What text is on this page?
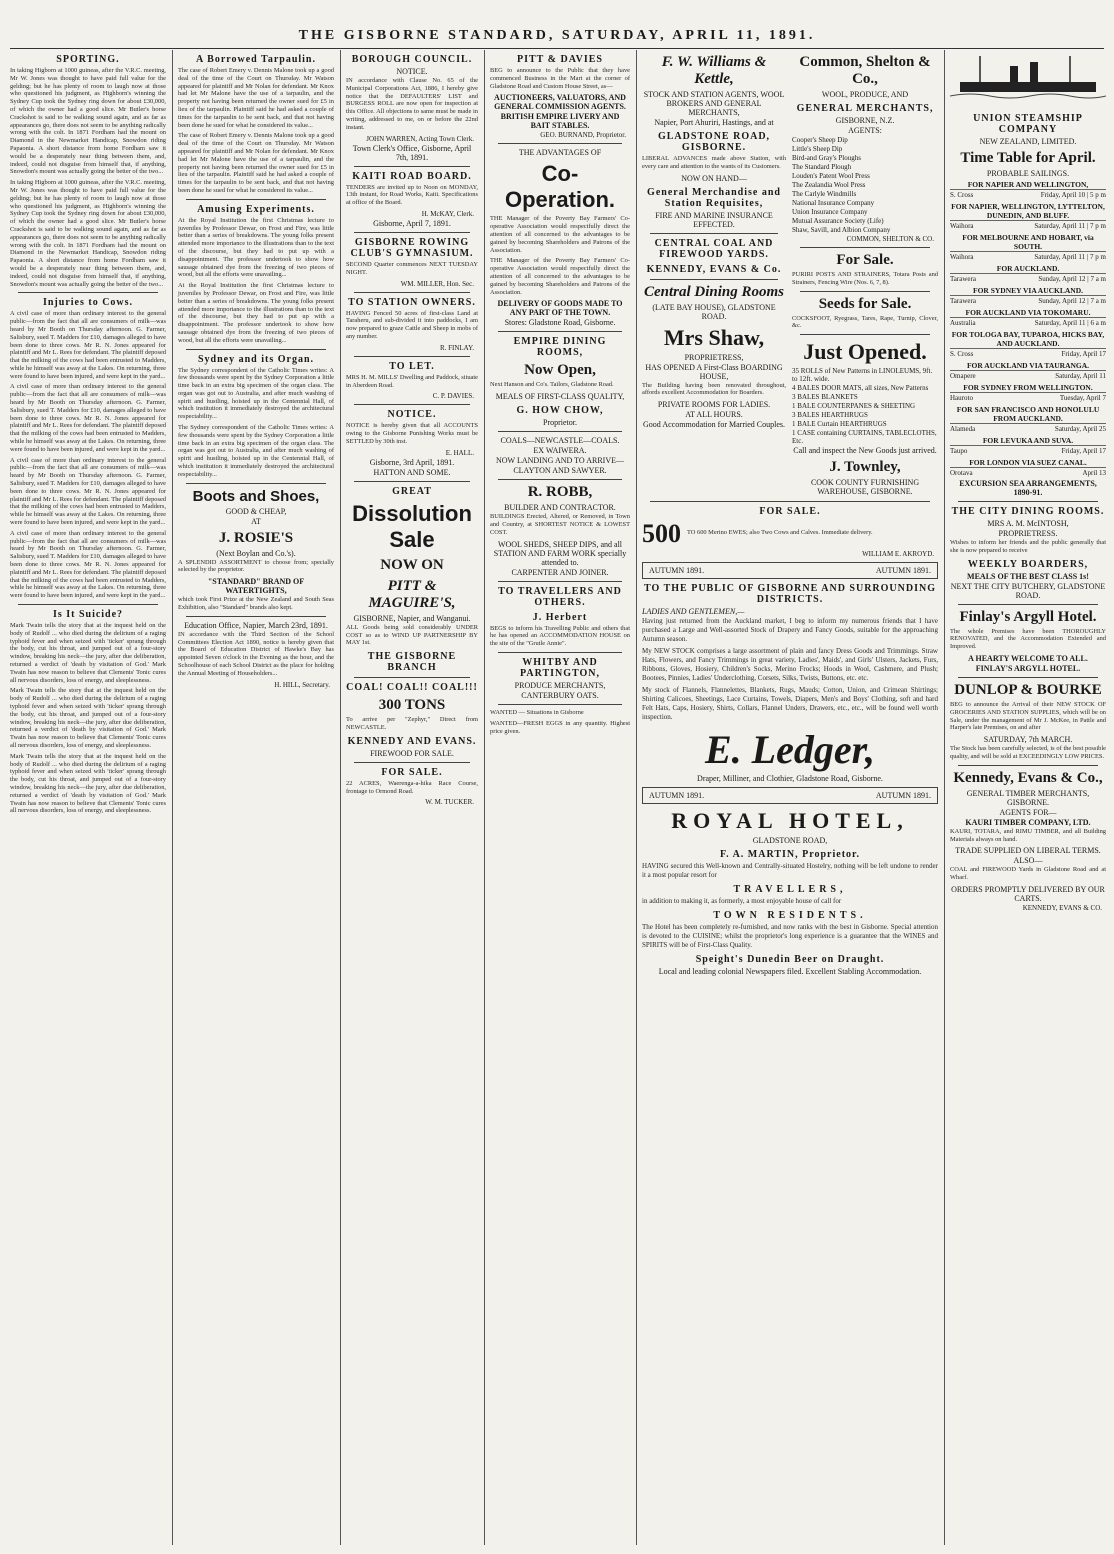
THE GISBORNE STANDARD, SATURDAY, APRIL 11, 1891.
SPORTING.

In taking Higborn at 1000 guineas, after the V.R.C. meeting, Mr W. Jones was thought to have paid full value for the gelding; but he has plenty of room to laugh now at those who questioned his judgment, as Highborn's winning the Sydney Cup took the Sydney ring down for about £30,000, of which the owner had a good slice. Mr Butler's horse Crackshot is said to be walking sound again, and as far as appearances go, there does not seem to be anything radically wrong with the colt. In 1871 Fordham had the mount on Diamond in the Newmarket Handicap, Snowdon riding Papaonia. A short distance from home Fordham saw it would be a desperately near thing between them, and, indeed, could not disguise from himself that, if anything, Snowdon's mount was actually going the better of the two...

In taking Higborn at 1000 guineas, after the V.R.C. meeting, Mr W. Jones was thought to have paid full value for the gelding; but he has plenty of room to laugh now at those who questioned his judgment, as Highborn's winning the Sydney Cup took the Sydney ring down for about £30,000, of which the owner had a good slice. Mr Butler's horse Crackshot is said to be walking sound again, and as far as appearances go, there does not seem to be anything radically wrong with the colt. In 1871 Fordham had the mount on Diamond in the Newmarket Handicap, Snowdon riding Papaonia. A short distance from home Fordham saw it would be a desperately near thing between them, and, indeed, could not disguise from himself that, if anything, Snowdon's mount was actually going the better of the two...

Injuries to Cows.

A civil case of more than ordinary interest to the general public—from the fact that all are consumers of milk—was heard by Mr Booth on Thursday afternoon. G. Farmer, Salisbury, sued T. Madders for £10, damages alleged to have been done to three cows. Mr R. N. Jones appeared for plaintiff and Mr L. Rees for defendant. The plaintiff deposed that the milking of the cows had been entrusted to Madders, while he himself was away at the Lakes. On returning, three were found to have been injured, and were kept in the yard...

A civil case of more than ordinary interest to the general public—from the fact that all are consumers of milk—was heard by Mr Booth on Thursday afternoon. G. Farmer, Salisbury, sued T. Madders for £10, damages alleged to have been done to three cows. Mr R. N. Jones appeared for plaintiff and Mr L. Rees for defendant. The plaintiff deposed that the milking of the cows had been entrusted to Madders, while he himself was away at the Lakes. On returning, three were found to have been injured, and were kept in the yard...

A civil case of more than ordinary interest to the general public—from the fact that all are consumers of milk—was heard by Mr Booth on Thursday afternoon. G. Farmer, Salisbury, sued T. Madders for £10, damages alleged to have been done to three cows. Mr R. N. Jones appeared for plaintiff and Mr L. Rees for defendant. The plaintiff deposed that the milking of the cows had been entrusted to Madders, while he himself was away at the Lakes. On returning, three were found to have been injured, and were kept in the yard...

A civil case of more than ordinary interest to the general public—from the fact that all are consumers of milk—was heard by Mr Booth on Thursday afternoon. G. Farmer, Salisbury, sued T. Madders for £10, damages alleged to have been done to three cows. Mr R. N. Jones appeared for plaintiff and Mr L. Rees for defendant. The plaintiff deposed that the milking of the cows had been entrusted to Madders, while he himself was away at the Lakes. On returning, three were found to have been injured, and were kept in the yard...

Is It Suicide?

Mark Twain tells the story that at the inquest held on the body of Rudolf ... who died during the delirium of a raging typhoid fever and when seized with 'ticker' sprang through the body, cut his throat, and jumped out of a four-story window, breaking his neck—the jury, after due deliberation, returned a verdict of 'death by visitation of God.' Mark Twain has now reason to believe that Clements' Tonic cures all nervous disorders, loss of energy, and sleeplessness.

Mark Twain tells the story that at the inquest held on the body of Rudolf ... who died during the delirium of a raging typhoid fever and when seized with 'ticker' sprang through the body, cut his throat, and jumped out of a four-story window, breaking his neck—the jury, after due deliberation, returned a verdict of 'death by visitation of God.' Mark Twain has now reason to believe that Clements' Tonic cures all nervous disorders, loss of energy, and sleeplessness.

Mark Twain tells the story that at the inquest held on the body of Rudolf ... who died during the delirium of a raging typhoid fever and when seized with 'ticker' sprang through the body, cut his throat, and jumped out of a four-story window, breaking his neck—the jury, after due deliberation, returned a verdict of 'death by visitation of God.' Mark Twain has now reason to believe that Clements' Tonic cures all nervous disorders, loss of energy, and sleeplessness.

A Borrowed Tarpaulin.

The case of Robert Emery v. Dennis Malone took up a good deal of the time of the Court on Thursday. Mr Watson appeared for plaintiff and Mr Nolan for defendant. Mr Knox had let Mr Malone have the use of a tarpaulin, and the property not having been returned the owner sued for £5 in lieu of the tarpaulin. Plaintiff said he had asked a couple of times for the tarpaulin to be sent back, and that not having been done he sued for what he considered its value...

The case of Robert Emery v. Dennis Malone took up a good deal of the time of the Court on Thursday. Mr Watson appeared for plaintiff and Mr Nolan for defendant. Mr Knox had let Mr Malone have the use of a tarpaulin, and the property not having been returned the owner sued for £5 in lieu of the tarpaulin. Plaintiff said he had asked a couple of times for the tarpaulin to be sent back, and that not having been done he sued for what he considered its value...

Amusing Experiments.

At the Royal Institution the first Christmas lecture to juveniles by Professor Dewar, on Frost and Fire, was little better than a series of breakdowns. The young folks present attended more importance to the illustrations than to the text of the discourse, but they had to put up with a disappointment. The professor undertook to show how sausage obtained dye from the freezing of two pieces of wood, but all the efforts were unavailing...

At the Royal Institution the first Christmas lecture to juveniles by Professor Dewar, on Frost and Fire, was little better than a series of breakdowns. The young folks present attended more importance to the illustrations than to the text of the discourse, but they had to put up with a disappointment. The professor undertook to show how sausage obtained dye from the freezing of two pieces of wood, but all the efforts were unavailing...

Sydney and its Organ.

The Sydney correspondent of the Catholic Times writes: A few thousands were spent by the Sydney Corporation a little time back in an extra big specimen of the organ class. The organ was got out to Australia, and after much washing of spirit and hustling, hoisted up in the Centennial Hall, of which institution it immediately destroyed the architectural respectability...

The Sydney correspondent of the Catholic Times writes: A few thousands were spent by the Sydney Corporation a little time back in an extra big specimen of the organ class. The organ was got out to Australia, and after much washing of spirit and hustling, hoisted up in the Centennial Hall, of which institution it immediately destroyed the architectural respectability...

Boots and Shoes,
GOOD & CHEAP,
AT
J. ROSIE'S
(Next Boylan and Co.'s).

A SPLENDID ASSORTMENT to choose from; specially selected by the proprietor.

"STANDARD" BRAND OF WATERTIGHTS,

which took First Prize at the New Zealand and South Seas Exhibition, also "Standard" brands also kept.

Education Office, Napier, March 23rd, 1891.

IN accordance with the Third Section of the School Committees Election Act 1890, notice is hereby given that the Board of Education District of Hawke's Bay has appointed Seven o'clock in the Evening as the hour, and the Schoolhouse of each School District as the place for holding the Annual Meeting of Householders...

H. HILL, Secretary.
BOROUGH COUNCIL.
NOTICE.

IN accordance with Clause No. 65 of the Municipal Corporations Act, 1886, I hereby give notice that the DEFAULTERS' LIST and BURGESS ROLL are now open for inspection at this Office. All objections to same must be made in writing, addressed to me, on or before the 22nd instant.

JOHN WARREN, Acting Town Clerk.
Town Clerk's Office, Gisborne, April 7th, 1891.
KAITI ROAD BOARD.

TENDERS are invited up to Noon on MONDAY, 13th instant, for Road Works, Kaiti. Specifications at office of the Board.

H. McKAY, Clerk.
Gisborne, April 7, 1891.
GISBORNE ROWING CLUB'S GYMNASIUM.

SECOND Quarter commences NEXT TUESDAY NIGHT.

WM. MILLER, Hon. Sec.
TO STATION OWNERS.

HAVING Fenced 50 acres of first-class Land at Taraheru, and sub-divided it into paddocks, I am now prepared to graze Cattle and Sheep in mobs of any number.

R. FINLAY.
TO LET.

MRS H. M. MILLS' Dwelling and Paddock, situate in Aberdeen Road.

C. P. DAVIES.
NOTICE.

NOTICE is hereby given that all ACCOUNTS owing to the Gisborne Punishing Works must be SETTLED by 30th inst.

E. HALL.
Gisborne, 3rd April, 1891.
HATTON AND SOME.
GREAT
Dissolution Sale
NOW ON
PITT & MAGUIRE'S,
GISBORNE, Napier, and Wanganui.

ALL Goods being sold considerably UNDER COST so as to WIND UP PARTNERSHIP BY MAY 1st.

THE GISBORNE BRANCH
COAL! COAL!! COAL!!!
300 TONS

To arrive per "Zephyr," Direct from NEWCASTLE.

KENNEDY AND EVANS.
FIREWOOD FOR SALE.
FOR SALE.

22 ACRES, Waerenga-a-hika Race Course, frontage to Ormond Road.

W. M. TUCKER.
PITT & DAVIES

BEG to announce to the Public that they have commenced Business in the Mart at the corner of Gladstone Road and Custom House Street, as—

AUCTIONEERS, VALUATORS, AND GENERAL COMMISSION AGENTS.
BRITISH EMPIRE LIVERY AND BAIT STABLES.
GEO. BURNAND, Proprietor.
THE ADVANTAGES OF
Co-Operation.

THE Manager of the Poverty Bay Farmers' Co-operative Association would respectfully direct the attention of all concerned to the advantages to be gained by becoming Shareholders and Patrons of the Association.

THE Manager of the Poverty Bay Farmers' Co-operative Association would respectfully direct the attention of all concerned to the advantages to be gained by becoming Shareholders and Patrons of the Association.

DELIVERY OF GOODS MADE TO ANY PART OF THE TOWN.
Stores: Gladstone Road, Gisborne.
EMPIRE DINING ROOMS,
Now Open,

Next Hanson and Co's. Tailors, Gladstone Road.

MEALS OF FIRST-CLASS QUALITY,
G. HOW CHOW,
Proprietor.
COALS—NEWCASTLE—COALS.
EX WAIWERA.
NOW LANDING AND TO ARRIVE—
CLAYTON AND SAWYER.
R. ROBB,
BUILDER AND CONTRACTOR.

BUILDINGS Erected, Altered, or Removed, in Town and Country, at SHORTEST NOTICE & LOWEST COST.

WOOL SHEDS, SHEEP DIPS, and all STATION AND FARM WORK specially attended to.
CARPENTER AND JOINER.
TO TRAVELLERS AND OTHERS.
J. Herbert

BEGS to inform his Travelling Public and others that he has opened an ACCOMMODATION HOUSE on the site of the "Grutle Annie".

WHITBY AND PARTINGTON,
PRODUCE MERCHANTS,
CANTERBURY OATS.

WANTED — Situations in Gisborne

WANTED—FRESH EGGS in any quantity. Highest price given.

F. W. Williams & Kettle,
STOCK AND STATION AGENTS, WOOL BROKERS AND GENERAL MERCHANTS,
Napier, Port Ahuriri, Hastings, and at
GLADSTONE ROAD, GISBORNE.

LIBERAL ADVANCES made above Station, with every care and attention to the wants of its Customers.

NOW ON HAND—
General Merchandise and Station Requisites,
FIRE AND MARINE INSURANCE EFFECTED.
CENTRAL COAL AND FIREWOOD YARDS.
KENNEDY, EVANS & Co.
Central Dining Rooms
(LATE BAY HOUSE), GLADSTONE ROAD.
Mrs Shaw,
PROPRIETRESS,
HAS OPENED A First-Class BOARDING HOUSE,

The Building having been renovated throughout, affords excellent Accommodation for Boarders.

PRIVATE ROOMS FOR LADIES.
AT ALL HOURS.
Good Accommodation for Married Couples.
Common, Shelton & Co.,
WOOL, PRODUCE, AND
GENERAL MERCHANTS,
GISBORNE, N.Z.
AGENTS:
Cooper's Sheep Dip
Little's Sheep Dip
Bird-and Gray's Ploughs
The Standard Plough
Louden's Patent Wool Press
The Zealandia Wool Press
The Carlyle Windmills
National Insurance Company
Union Insurance Company
Mutual Assurance Society (Life)
Shaw, Savill, and Albion Company
COMMON, SHELTON & CO.
For Sale.

PURIRI POSTS AND STRAINERS, Totara Posts and Strainers, Fencing Wire (Nos. 6, 7, 8).

Seeds for Sale.

COCKSFOOT, Ryegrass, Tares, Rape, Turnip, Clover, &c.

Just Opened.
35 ROLLS of New Patterns in LINOLEUMS, 9ft. to 12ft. wide.
4 BALES DOOR MATS, all sizes, New Patterns
3 BALES BLANKETS
1 BALE COUNTERPANES & SHEETING
3 BALES HEARTHRUGS
1 BALE Curtain HEARTHRUGS
1 CASE containing CURTAINS, TABLECLOTHS, Etc.
Call and inspect the New Goods just arrived.
J. Townley,
COOK COUNTY FURNISHING WAREHOUSE, GISBORNE.
FOR SALE.
500 TO 600 Merino EWES; also Two Cows and Calves. Immediate delivery.

WILLIAM E. AKROYD.
AUTUMN 1891.	AUTUMN 1891.
TO THE PUBLIC OF GISBORNE AND SURROUNDING DISTRICTS.
LADIES AND GENTLEMEN,—

Having just returned from the Auckland market, I beg to inform my numerous friends that I have purchased a Large and Well-assorted Stock of Drapery and Fancy Goods, suitable for the approaching Autumn season.

My NEW STOCK comprises a large assortment of plain and fancy Dress Goods and Trimmings. Straw Hats, Flowers, and Fancy Trimmings in great variety, Ladies', Maids', and Girls' Ulsters, Jackets, Furs, Ribbons, Gloves, Hosiery, Children's Socks, Merino Frocks; Hoods in Wool, Cashmere, and Plush; Bootees, Pinnies, Ladies' Underclothing, Corsets, Silks, Twists, Buttons, etc. etc.

My stock of Flannels, Flannelettes, Blankets, Rugs, Mauds; Cotton, Union, and Crimean Shirtings; Shirting Calicoes, Sheetings, Lace Curtains, Towels, Diapers, Men's and Boys' Clothing, soft and hard Felt Hats, Caps, Hosiery, Shirts, Collars, Flannel Unders, Drawers, etc., etc., will be found well worth inspection.

E. Ledger,
Draper, Milliner, and Clothier, Gladstone Road, Gisborne.
AUTUMN 1891.	AUTUMN 1891.
ROYAL HOTEL,
GLADSTONE ROAD,
F. A. MARTIN, Proprietor.

HAVING secured this Well-known and Centrally-situated Hostelry, nothing will be left undone to render it a most popular resort for

TRAVELLERS,

in addition to making it, as formerly, a most enjoyable house of call for

TOWN RESIDENTS.

The Hotel has been completely re-furnished, and now ranks with the best in Gisborne. Special attention is devoted to the CUISINE; whilst the proprietor's long experience is a guarantee that the WINES and SPIRITS will be of First-Class Quality.

Speight's Dunedin Beer on Draught.
Local and leading colonial Newspapers filed. Excellent Stabling Accommodation.
UNION STEAMSHIP COMPANY
NEW ZEALAND, LIMITED.
Time Table for April.
PROBABLE SAILINGS.
FOR NAPIER AND WELLINGTON,
S. Cross	Friday, April 10 | 5 p m
FOR NAPIER, WELLINGTON, LYTTELTON, DUNEDIN, AND BLUFF.
Waihora	Saturday, April 11 | 7 p m
FOR MELBOURNE AND HOBART, via SOUTH.
Waihora	Saturday, April 11 | 7 p m
FOR AUCKLAND.
Tarawera	Sunday, April 12 | 7 a m
FOR SYDNEY VIA AUCKLAND.
Tarawera	Sunday, April 12 | 7 a m
FOR AUCKLAND VIA TOKOMARU.
Australia	Saturday, April 11 | 6 a m
FOR TOLOGA BAY, TUPAROA, HICKS BAY, AND AUCKLAND.
S. Cross	Friday, April 17
FOR AUCKLAND VIA TAURANGA.
Omapere	Saturday, April 11
FOR SYDNEY FROM WELLINGTON.
Hauroto	Tuesday, April 7
FOR SAN FRANCISCO AND HONOLULU FROM AUCKLAND.
Alameda	Saturday, April 25
FOR LEVUKA AND SUVA.
Taupo	Friday, April 17
FOR LONDON VIA SUEZ CANAL.
Orotava	April 13
EXCURSION SEA ARRANGEMENTS, 1890-91.
THE CITY DINING ROOMS.
MRS A. M. McINTOSH,
PROPRIETRESS.

Wishes to inform her friends and the public generally that she is now prepared to receive

WEEKLY BOARDERS,
MEALS OF THE BEST CLASS 1s!
NEXT THE CITY BUTCHERY, GLADSTONE ROAD.
Finlay's Argyll Hotel.

The whole Premises have been THOROUGHLY RENOVATED, and the Accommodation Extended and Improved.

A HEARTY WELCOME TO ALL.
FINLAY'S ARGYLL HOTEL.
DUNLOP & BOURKE

BEG to announce the Arrival of their NEW STOCK OF GROCERIES AND STATION SUPPLIES, which will be on Sale, under the management of Mr J. McKee, in Pattle and Harper's late Premises, on and after

SATURDAY, 7th MARCH.

The Stock has been carefully selected, is of the best possible quality, and will be sold at EXCEEDINGLY LOW PRICES.

Kennedy, Evans & Co.,
GENERAL TIMBER MERCHANTS, GISBORNE.
AGENTS FOR—
KAURI TIMBER COMPANY, LTD.

KAURI, TOTARA, and RIMU TIMBER, and all Building Materials always on hand.

TRADE SUPPLIED ON LIBERAL TERMS.
ALSO—

COAL and FIREWOOD Yards in Gladstone Road and at Wharf.

ORDERS PROMPTLY DELIVERED BY OUR CARTS.
KENNEDY, EVANS & CO.
